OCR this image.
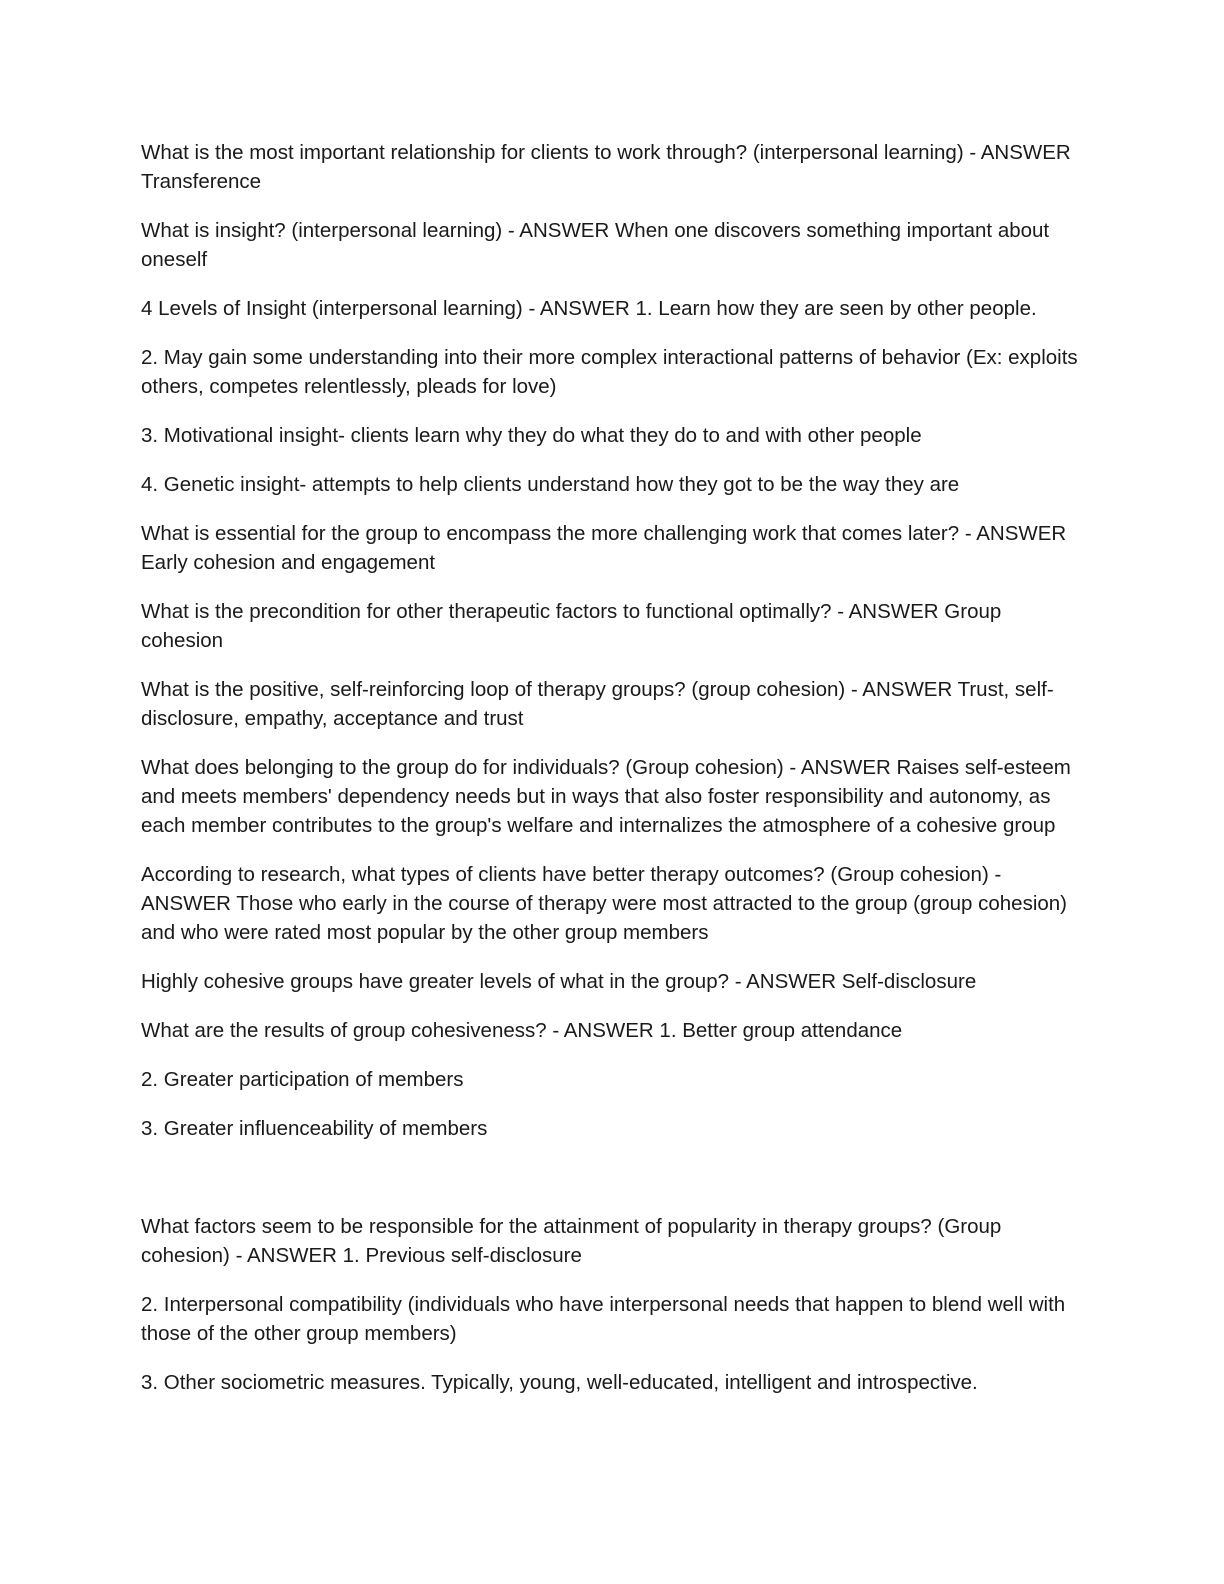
What is the most important relationship for clients to work through? (interpersonal learning) - ANSWER Transference

What is insight? (interpersonal learning) - ANSWER When one discovers something important about oneself

4 Levels of Insight (interpersonal learning) - ANSWER 1. Learn how they are seen by other people.

2. May gain some understanding into their more complex interactional patterns of behavior (Ex: exploits others, competes relentlessly, pleads for love)

3. Motivational insight- clients learn why they do what they do to and with other people

4. Genetic insight- attempts to help clients understand how they got to be the way they are

What is essential for the group to encompass the more challenging work that comes later? - ANSWER Early cohesion and engagement

What is the precondition for other therapeutic factors to functional optimally? - ANSWER Group cohesion

What is the positive, self-reinforcing loop of therapy groups? (group cohesion) - ANSWER Trust, self-disclosure, empathy, acceptance and trust

What does belonging to the group do for individuals? (Group cohesion) - ANSWER Raises self-esteem and meets members' dependency needs but in ways that also foster responsibility and autonomy, as each member contributes to the group's welfare and internalizes the atmosphere of a cohesive group

According to research, what types of clients have better therapy outcomes? (Group cohesion) - ANSWER Those who early in the course of therapy were most attracted to the group (group cohesion) and who were rated most popular by the other group members

Highly cohesive groups have greater levels of what in the group? - ANSWER Self-disclosure

What are the results of group cohesiveness? - ANSWER 1. Better group attendance

2. Greater participation of members

3. Greater influenceability of members

What factors seem to be responsible for the attainment of popularity in therapy groups? (Group cohesion) - ANSWER 1. Previous self-disclosure

2. Interpersonal compatibility (individuals who have interpersonal needs that happen to blend well with those of the other group members)

3. Other sociometric measures. Typically, young, well-educated, intelligent and introspective.
